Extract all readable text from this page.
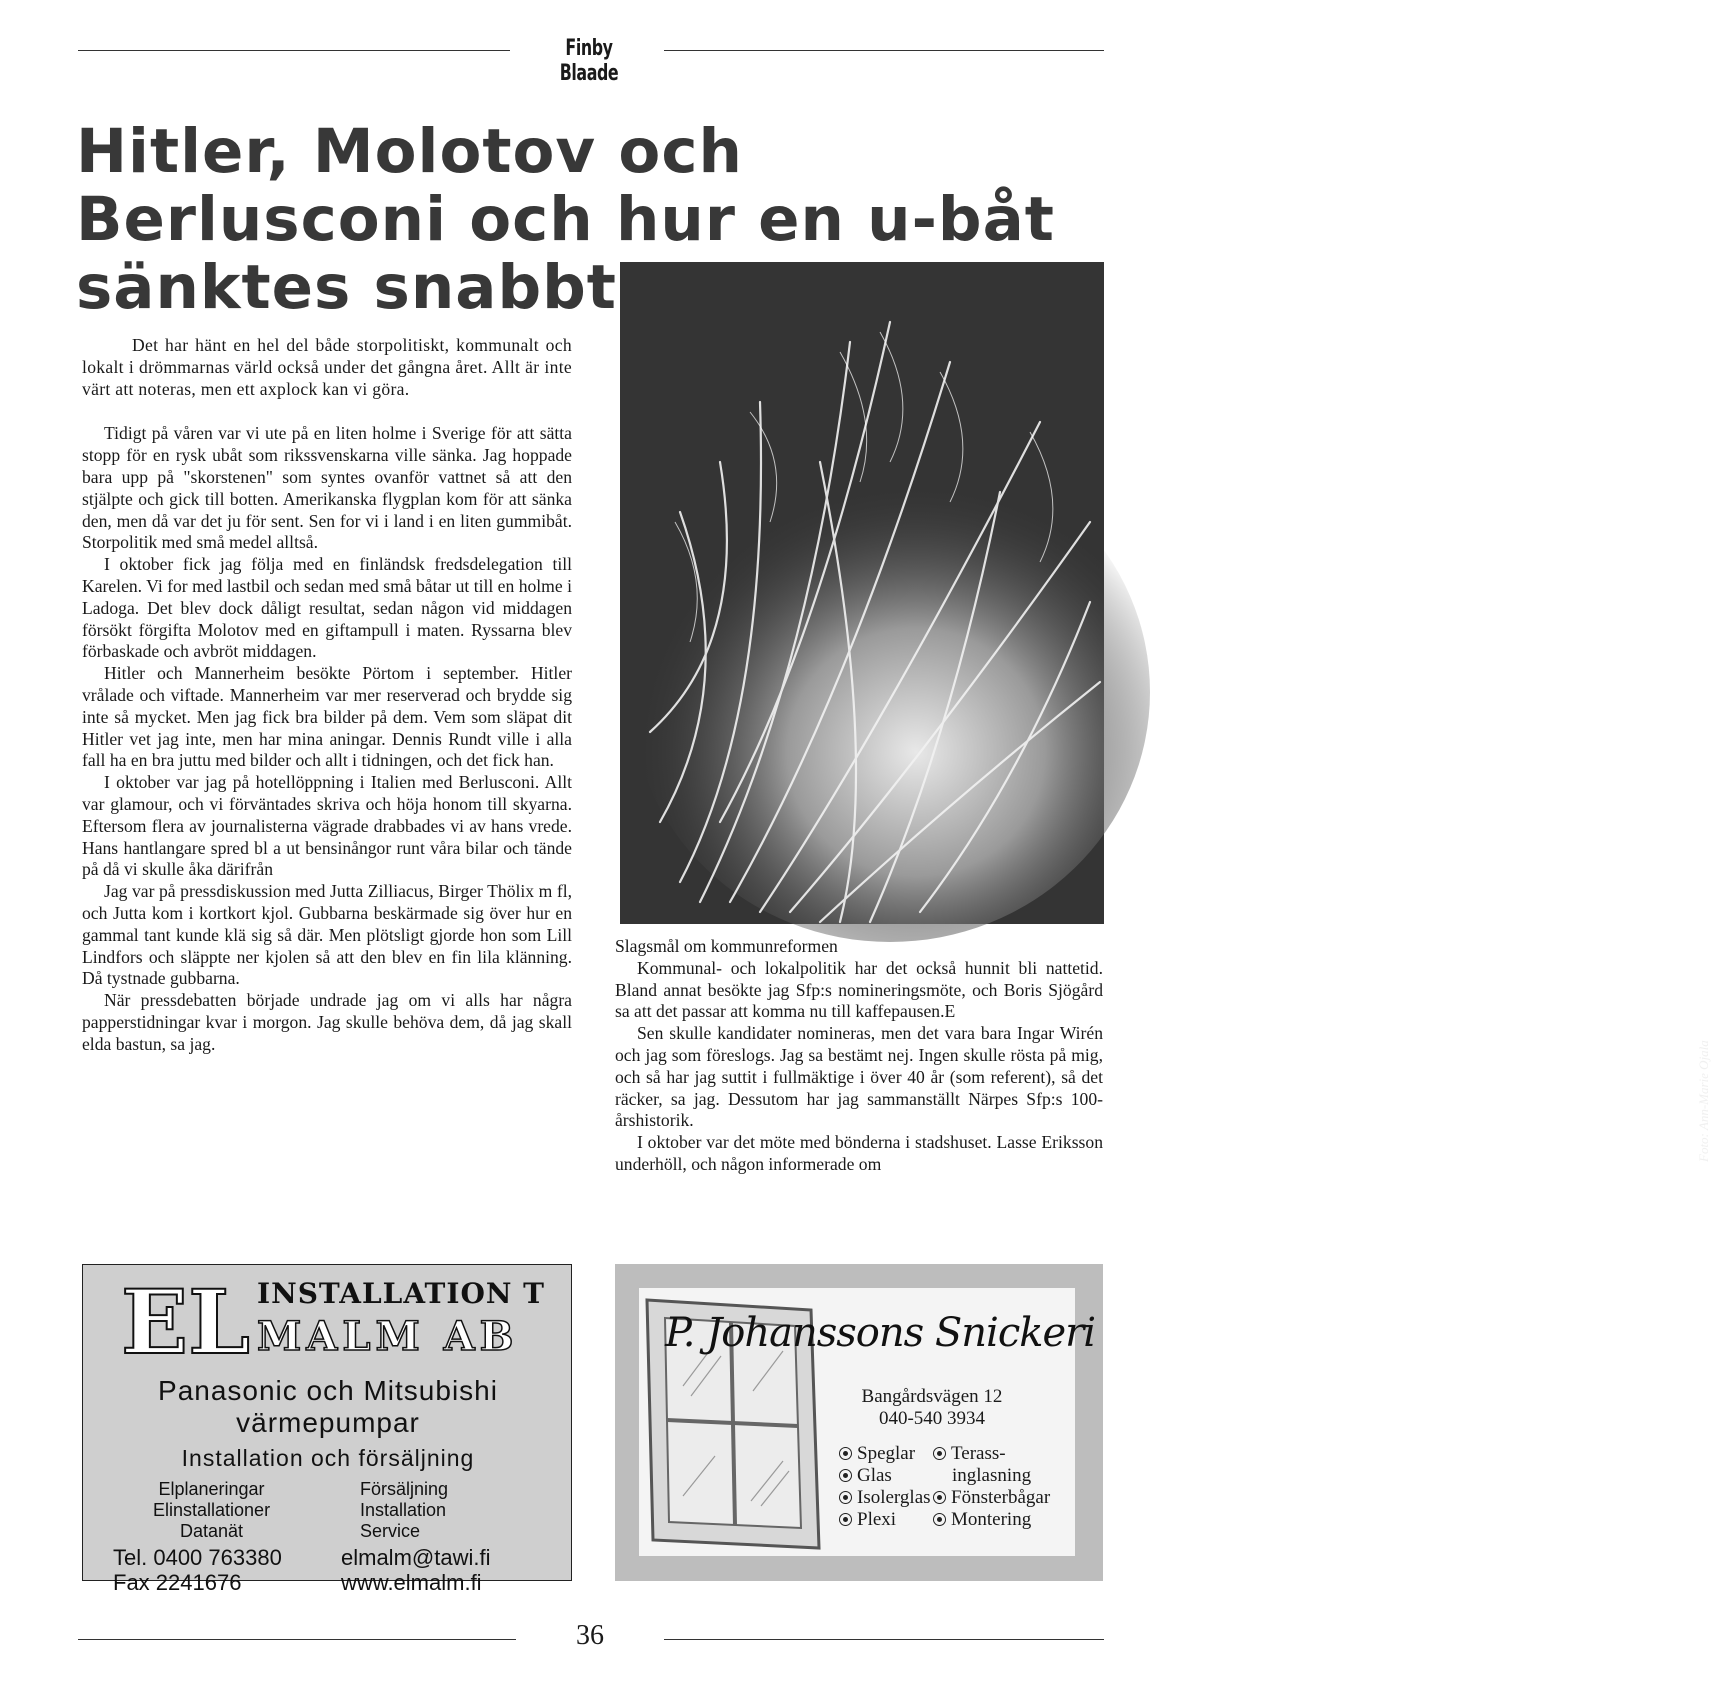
Finby Blaade
Hitler, Molotov och Berlusconi och hur en u-båt sänktes snabbt

Det har hänt en hel del både storpolitiskt, kommunalt och lokalt i drömmarnas värld också under det gångna året. Allt är inte värt att noteras, men ett axplock kan vi göra.

Tidigt på våren var vi ute på en liten holme i Sverige för att sätta stopp för en rysk ubåt som rikssvenskarna ville sänka. Jag hoppade bara upp på "skorstenen" som syntes ovanför vattnet så att den stjälpte och gick till botten. Amerikanska flygplan kom för att sänka den, men då var det ju för sent. Sen for vi i land i en liten gummibåt. Storpolitik med små medel alltså.

I oktober fick jag följa med en finländsk fredsdelegation till Karelen. Vi for med lastbil och sedan med små båtar ut till en holme i Ladoga. Det blev dock dåligt resultat, sedan någon vid middagen försökt förgifta Molotov med en giftampull i maten. Ryssarna blev förbaskade och avbröt middagen.

Hitler och Mannerheim besökte Pörtom i september. Hitler vrålade och viftade. Mannerheim var mer reserverad och brydde sig inte så mycket. Men jag fick bra bilder på dem. Vem som släpat dit Hitler vet jag inte, men har mina aningar. Dennis Rundt ville i alla fall ha en bra juttu med bilder och allt i tidningen, och det fick han.

I oktober var jag på hotellöppning i Italien med Berlusconi. Allt var glamour, och vi förväntades skriva och höja honom till skyarna. Eftersom flera av journalisterna vägrade drabbades vi av hans vrede. Hans hantlangare spred bl a ut bensinångor runt våra bilar och tände på då vi skulle åka därifrån

Jag var på pressdiskussion med Jutta Zilliacus, Birger Thölix m fl, och Jutta kom i kortkort kjol. Gubbarna beskärmade sig över hur en gammal tant kunde klä sig så där. Men plötsligt gjorde hon som Lill Lindfors och släppte ner kjolen så att den blev en fin lila klänning. Då tystnade gubbarna.

När pressdebatten började undrade jag om vi alls har några papperstidningar kvar i morgon. Jag skulle behöva dem, då jag skall elda bastun, sa jag.	Foto: Ann-Marie Ojala

Slagsmål om kommunreformen

Kommunal- och lokalpolitik har det också hunnit bli nattetid. Bland annat besökte jag Sfp:s nomineringsmöte, och Boris Sjögård sa att det passar att komma nu till kaffepausen.E

Sen skulle kandidater nomineras, men det vara bara Ingar Wirén och jag som föreslogs. Jag sa bestämt nej. Ingen skulle rösta på mig, och så har jag suttit i fullmäktige i över 40 år (som referent), så det räcker, sa jag. Dessutom har jag sammanställt Närpes Sfp:s 100-årshistorik.

I oktober var det möte med bönderna i stadshuset. Lasse Eriksson underhöll, och någon informerade om

EL INSTALLATION T
MALM AB
Panasonic och Mitsubishi
värmepumpar
Installation och försäljning
Elplaneringar
Elinstallationer
Datanät
Försäljning
Installation
Service
Tel. 0400 763380
Fax 2241676
elmalm@tawi.fi
www.elmalm.fi
P. Johanssons Snickeri
Bangårdsvägen 12
040-540 3934
Speglar
Glas
Isolerglas
Plexi
Terass-
inglasning
Fönsterbågar
Montering
36
